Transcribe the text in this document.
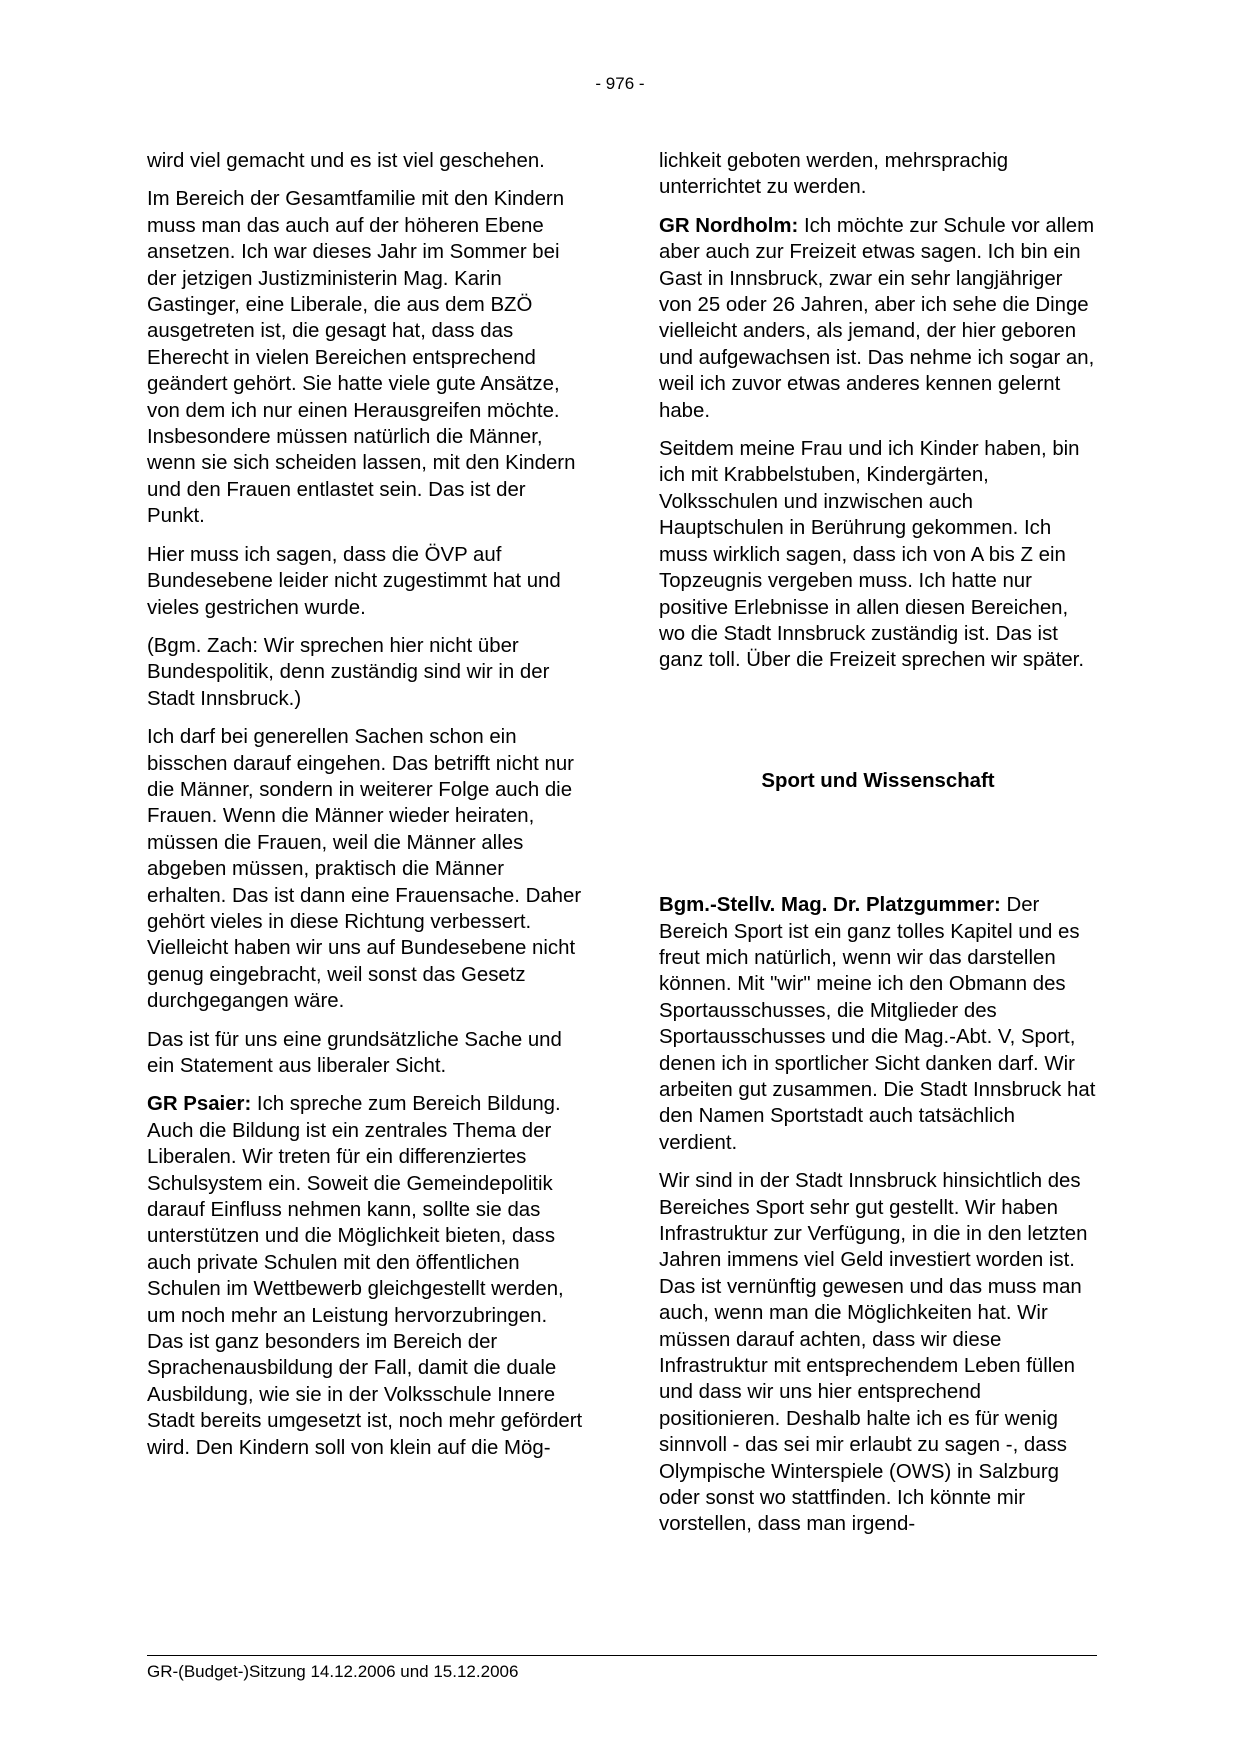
- 976 -

wird viel gemacht und es ist viel geschehen.

Im Bereich der Gesamtfamilie mit den Kindern muss man das auch auf der höheren Ebene ansetzen. Ich war dieses Jahr im Sommer bei der jetzigen Justizministerin Mag. Karin Gastinger, eine Liberale, die aus dem BZÖ ausgetreten ist, die gesagt hat, dass das Eherecht in vielen Bereichen entsprechend geändert gehört. Sie hatte viele gute Ansätze, von dem ich nur einen Herausgreifen möchte. Insbesondere müssen natürlich die Männer, wenn sie sich scheiden lassen, mit den Kindern und den Frauen entlastet sein. Das ist der Punkt.

Hier muss ich sagen, dass die ÖVP auf Bundesebene leider nicht zugestimmt hat und vieles gestrichen wurde.

(Bgm. Zach: Wir sprechen hier nicht über Bundespolitik, denn zuständig sind wir in der Stadt Innsbruck.)

Ich darf bei generellen Sachen schon ein bisschen darauf eingehen. Das betrifft nicht nur die Männer, sondern in weiterer Folge auch die Frauen. Wenn die Männer wieder heiraten, müssen die Frauen, weil die Männer alles abgeben müssen, praktisch die Männer erhalten. Das ist dann eine Frauensache. Daher gehört vieles in diese Richtung verbessert. Vielleicht haben wir uns auf Bundesebene nicht genug eingebracht, weil sonst das Gesetz durchgegangen wäre.

Das ist für uns eine grundsätzliche Sache und ein Statement aus liberaler Sicht.

GR Psaier: Ich spreche zum Bereich Bildung. Auch die Bildung ist ein zentrales Thema der Liberalen. Wir treten für ein differenziertes Schulsystem ein. Soweit die Gemeindepolitik darauf Einfluss nehmen kann, sollte sie das unterstützen und die Möglichkeit bieten, dass auch private Schulen mit den öffentlichen Schulen im Wettbewerb gleichgestellt werden, um noch mehr an Leistung hervorzubringen. Das ist ganz besonders im Bereich der Sprachenausbildung der Fall, damit die duale Ausbildung, wie sie in der Volksschule Innere Stadt bereits umgesetzt ist, noch mehr gefördert wird. Den Kindern soll von klein auf die Mög-

lichkeit geboten werden, mehrsprachig unterrichtet zu werden.

GR Nordholm: Ich möchte zur Schule vor allem aber auch zur Freizeit etwas sagen. Ich bin ein Gast in Innsbruck, zwar ein sehr langjähriger von 25 oder 26 Jahren, aber ich sehe die Dinge vielleicht anders, als jemand, der hier geboren und aufgewachsen ist. Das nehme ich sogar an, weil ich zuvor etwas anderes kennen gelernt habe.

Seitdem meine Frau und ich Kinder haben, bin ich mit Krabbelstuben, Kindergärten, Volksschulen und inzwischen auch Hauptschulen in Berührung gekommen. Ich muss wirklich sagen, dass ich von A bis Z ein Topzeugnis vergeben muss. Ich hatte nur positive Erlebnisse in allen diesen Bereichen, wo die Stadt Innsbruck zuständig ist. Das ist ganz toll. Über die Freizeit sprechen wir später.

Sport und Wissenschaft

Bgm.-Stellv. Mag. Dr. Platzgummer: Der Bereich Sport ist ein ganz tolles Kapitel und es freut mich natürlich, wenn wir das darstellen können. Mit "wir" meine ich den Obmann des Sportausschusses, die Mitglieder des Sportausschusses und die Mag.-Abt. V, Sport, denen ich in sportlicher Sicht danken darf. Wir arbeiten gut zusammen. Die Stadt Innsbruck hat den Namen Sportstadt auch tatsächlich verdient.

Wir sind in der Stadt Innsbruck hinsichtlich des Bereiches Sport sehr gut gestellt. Wir haben Infrastruktur zur Verfügung, in die in den letzten Jahren immens viel Geld investiert worden ist. Das ist vernünftig gewesen und das muss man auch, wenn man die Möglichkeiten hat. Wir müssen darauf achten, dass wir diese Infrastruktur mit entsprechendem Leben füllen und dass wir uns hier entsprechend positionieren. Deshalb halte ich es für wenig sinnvoll - das sei mir erlaubt zu sagen -, dass Olympische Winterspiele (OWS) in Salzburg oder sonst wo stattfinden. Ich könnte mir vorstellen, dass man irgend-

GR-(Budget-)Sitzung 14.12.2006 und 15.12.2006
